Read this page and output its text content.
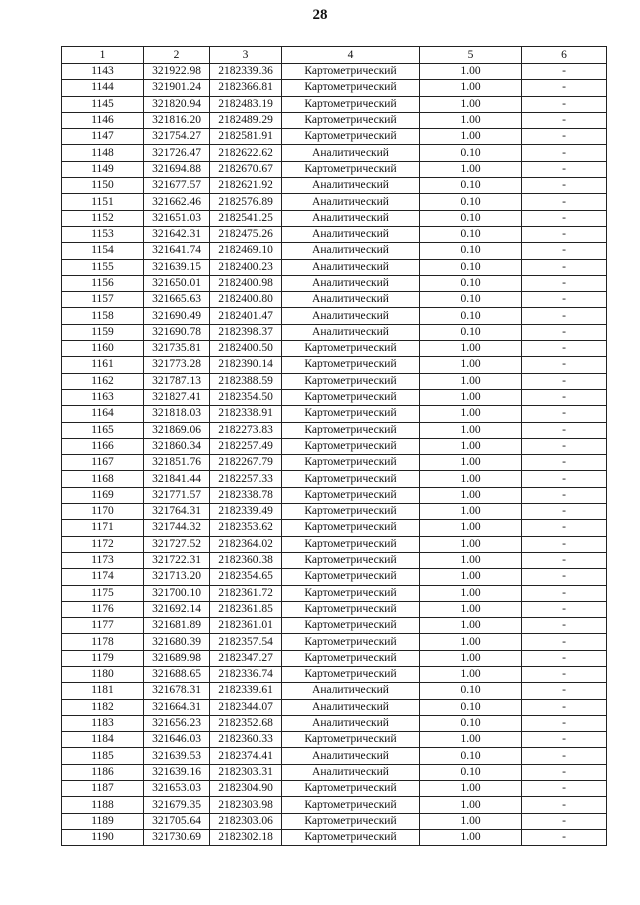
28
1	2	3	4	5	6
1143	321922.98	2182339.36	Картометрический	1.00	-
1144	321901.24	2182366.81	Картометрический	1.00	-
1145	321820.94	2182483.19	Картометрический	1.00	-
1146	321816.20	2182489.29	Картометрический	1.00	-
1147	321754.27	2182581.91	Картометрический	1.00	-
1148	321726.47	2182622.62	Аналитический	0.10	-
1149	321694.88	2182670.67	Картометрический	1.00	-
1150	321677.57	2182621.92	Аналитический	0.10	-
1151	321662.46	2182576.89	Аналитический	0.10	-
1152	321651.03	2182541.25	Аналитический	0.10	-
1153	321642.31	2182475.26	Аналитический	0.10	-
1154	321641.74	2182469.10	Аналитический	0.10	-
1155	321639.15	2182400.23	Аналитический	0.10	-
1156	321650.01	2182400.98	Аналитический	0.10	-
1157	321665.63	2182400.80	Аналитический	0.10	-
1158	321690.49	2182401.47	Аналитический	0.10	-
1159	321690.78	2182398.37	Аналитический	0.10	-
1160	321735.81	2182400.50	Картометрический	1.00	-
1161	321773.28	2182390.14	Картометрический	1.00	-
1162	321787.13	2182388.59	Картометрический	1.00	-
1163	321827.41	2182354.50	Картометрический	1.00	-
1164	321818.03	2182338.91	Картометрический	1.00	-
1165	321869.06	2182273.83	Картометрический	1.00	-
1166	321860.34	2182257.49	Картометрический	1.00	-
1167	321851.76	2182267.79	Картометрический	1.00	-
1168	321841.44	2182257.33	Картометрический	1.00	-
1169	321771.57	2182338.78	Картометрический	1.00	-
1170	321764.31	2182339.49	Картометрический	1.00	-
1171	321744.32	2182353.62	Картометрический	1.00	-
1172	321727.52	2182364.02	Картометрический	1.00	-
1173	321722.31	2182360.38	Картометрический	1.00	-
1174	321713.20	2182354.65	Картометрический	1.00	-
1175	321700.10	2182361.72	Картометрический	1.00	-
1176	321692.14	2182361.85	Картометрический	1.00	-
1177	321681.89	2182361.01	Картометрический	1.00	-
1178	321680.39	2182357.54	Картометрический	1.00	-
1179	321689.98	2182347.27	Картометрический	1.00	-
1180	321688.65	2182336.74	Картометрический	1.00	-
1181	321678.31	2182339.61	Аналитический	0.10	-
1182	321664.31	2182344.07	Аналитический	0.10	-
1183	321656.23	2182352.68	Аналитический	0.10	-
1184	321646.03	2182360.33	Картометрический	1.00	-
1185	321639.53	2182374.41	Аналитический	0.10	-
1186	321639.16	2182303.31	Аналитический	0.10	-
1187	321653.03	2182304.90	Картометрический	1.00	-
1188	321679.35	2182303.98	Картометрический	1.00	-
1189	321705.64	2182303.06	Картометрический	1.00	-
1190	321730.69	2182302.18	Картометрический	1.00	-
